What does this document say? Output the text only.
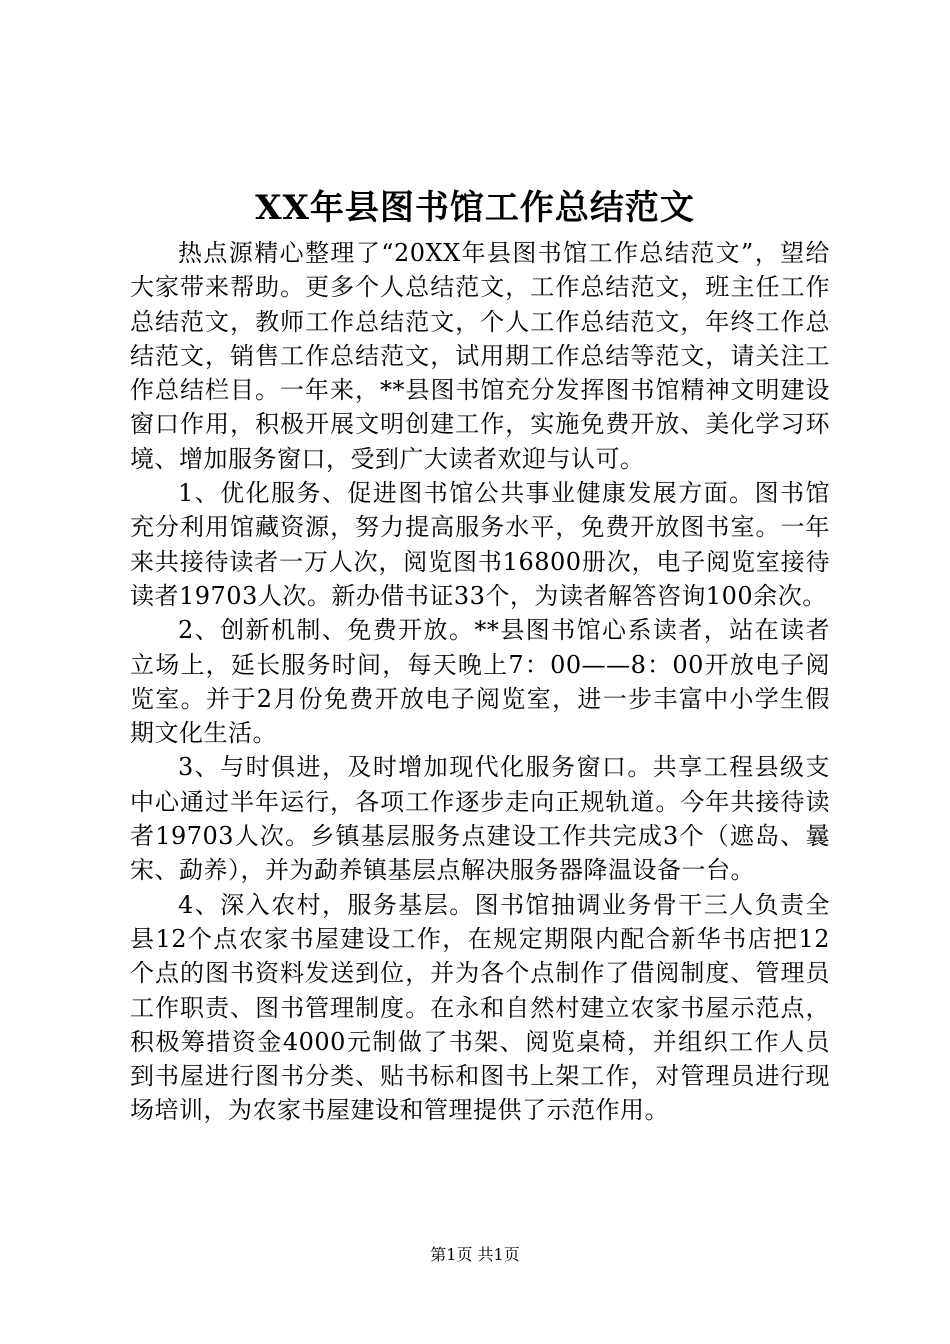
XX年县图书馆工作总结范文

热点源精心整理了“20XX年县图书馆工作总结范文”，望给大家带来帮助。更多个人总结范文，工作总结范文，班主任工作总结范文，教师工作总结范文，个人工作总结范文，年终工作总结范文，销售工作总结范文，试用期工作总结等范文，请关注工作总结栏目。一年来，**县图书馆充分发挥图书馆精神文明建设窗口作用，积极开展文明创建工作，实施免费开放、美化学习环境、增加服务窗口，受到广大读者欢迎与认可。

1、优化服务、促进图书馆公共事业健康发展方面。图书馆充分利用馆藏资源，努力提高服务水平，免费开放图书室。一年来共接待读者一万人次，阅览图书16800册次，电子阅览室接待读者19703人次。新办借书证33个，为读者解答咨询100余次。

2、创新机制、免费开放。**县图书馆心系读者，站在读者立场上，延长服务时间，每天晚上7：00——8：00开放电子阅览室。并于2月份免费开放电子阅览室，进一步丰富中小学生假期文化生活。

3、与时俱进，及时增加现代化服务窗口。共享工程县级支中心通过半年运行，各项工作逐步走向正规轨道。今年共接待读者19703人次。乡镇基层服务点建设工作共完成3个（遮岛、曩宋、勐养），并为勐养镇基层点解决服务器降温设备一台。

4、深入农村，服务基层。图书馆抽调业务骨干三人负责全县12个点农家书屋建设工作，在规定期限内配合新华书店把12个点的图书资料发送到位，并为各个点制作了借阅制度、管理员工作职责、图书管理制度。在永和自然村建立农家书屋示范点，积极筹措资金4000元制做了书架、阅览桌椅，并组织工作人员到书屋进行图书分类、贴书标和图书上架工作，对管理员进行现场培训，为农家书屋建设和管理提供了示范作用。

第1页 共1页
